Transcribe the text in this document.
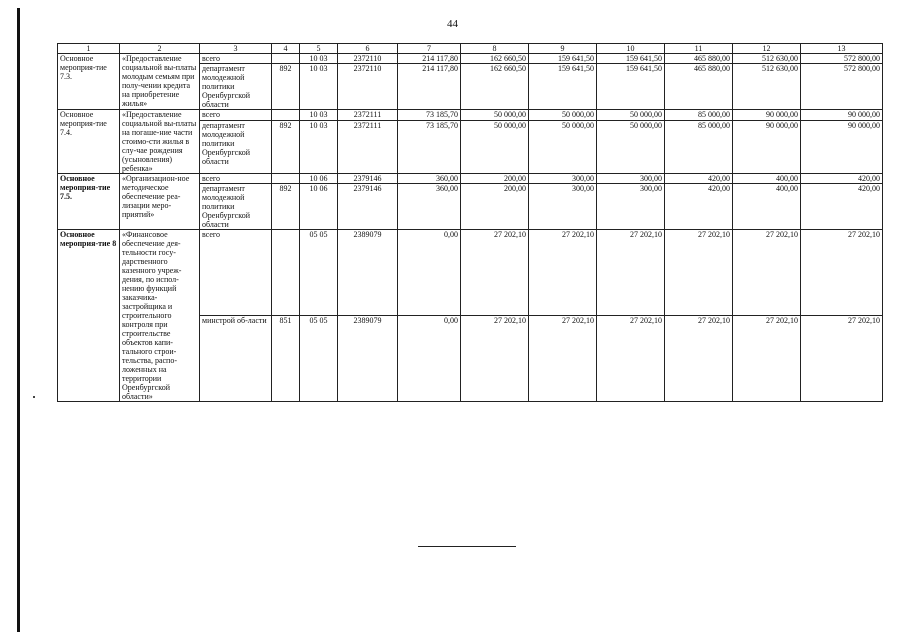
44
1	2	3	4	5	6	7	8	9	10	11	12	13
Основное мероприя-тие 7.3.	«Предоставление социальной вы-платы молодым семьям при полу-чении кредита на приобретение жилья»	всего		10 03	2372110	214 117,80	162 660,50	159 641,50	159 641,50	465 880,00	512 630,00	572 800,00
		департамент молодежной политики Оренбургской области	892	10 03	2372110	214 117,80	162 660,50	159 641,50	159 641,50	465 880,00	512 630,00	572 800,00
Основное мероприя-тие 7.4.	«Предоставление социальной вы-платы на погаше-ние части стоимо-сти жилья в слу-чае рождения (усыновления) ребенка»	всего		10 03	2372111	73 185,70	50 000,00	50 000,00	50 000,00	85 000,00	90 000,00	90 000,00
		департамент молодежной политики Оренбургской области	892	10 03	2372111	73 185,70	50 000,00	50 000,00	50 000,00	85 000,00	90 000,00	90 000,00
Основное мероприя-тие 7.5.	«Организацион-ное методическое обеспечение реа-лизации меро-приятий»	всего		10 06	2379146	360,00	200,00	300,00	300,00	420,00	400,00	420,00
		департамент молодежной политики Оренбургской области	892	10 06	2379146	360,00	200,00	300,00	300,00	420,00	400,00	420,00
Основное мероприя-тие 8	«Финансовое обеспечение дея-тельности госу-дарственного казенного учреж-дения, по испол-нению функций заказчика-застройщика и строительного контроля при строительстве объектов капи-тального строи-тельства, распо-ложенных на территории Оренбургской области»	всего		05 05	2389079	0,00	27 202,10	27 202,10	27 202,10	27 202,10	27 202,10	27 202,10
		минстрой об-ласти	851	05 05	2389079	0,00	27 202,10	27 202,10	27 202,10	27 202,10	27 202,10	27 202,10
